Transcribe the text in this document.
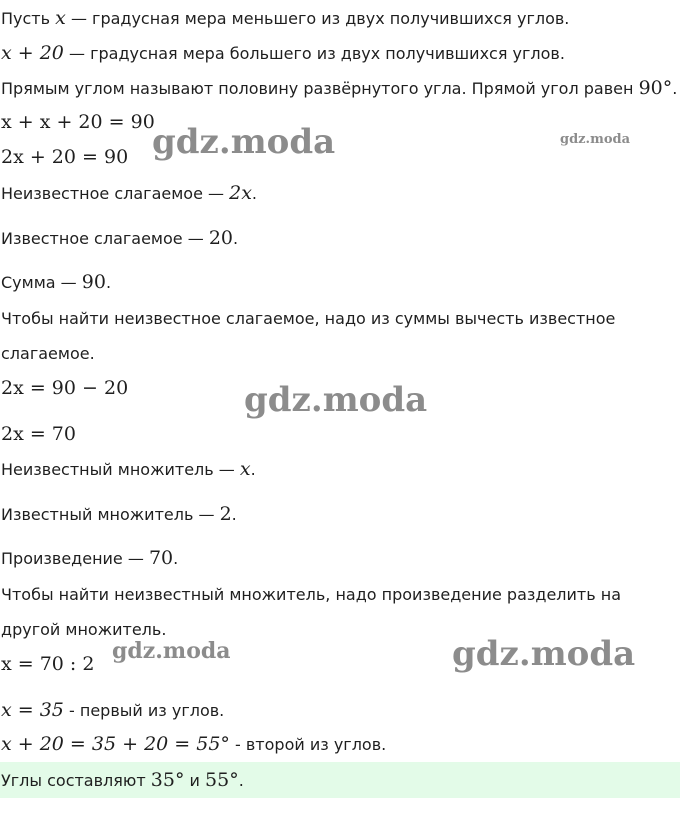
Пусть x — градусная мера меньшего из двух получившихся углов.
x + 20 — градусная мера большего из двух получившихся углов.
Прямым углом называют половину развёрнутого угла. Прямой угол равен 90°.
x + x + 20 = 90
2x + 20 = 90
Неизвестное слагаемое — 2x.
Известное слагаемое — 20.
Сумма — 90.
Чтобы найти неизвестное слагаемое, надо из суммы вычесть известное
слагаемое.
2x = 90 − 20
2x = 70
Неизвестный множитель — x.
Известный множитель — 2.
Произведение — 70.
Чтобы найти неизвестный множитель, надо произведение разделить на
другой множитель.
x = 70 : 2
x = 35 - первый из углов.
x + 20 = 35 + 20 = 55° - второй из углов.
Углы составляют 35° и 55°.
gdz.moda	gdz.moda
gdz.moda
gdz.moda	gdz.moda
